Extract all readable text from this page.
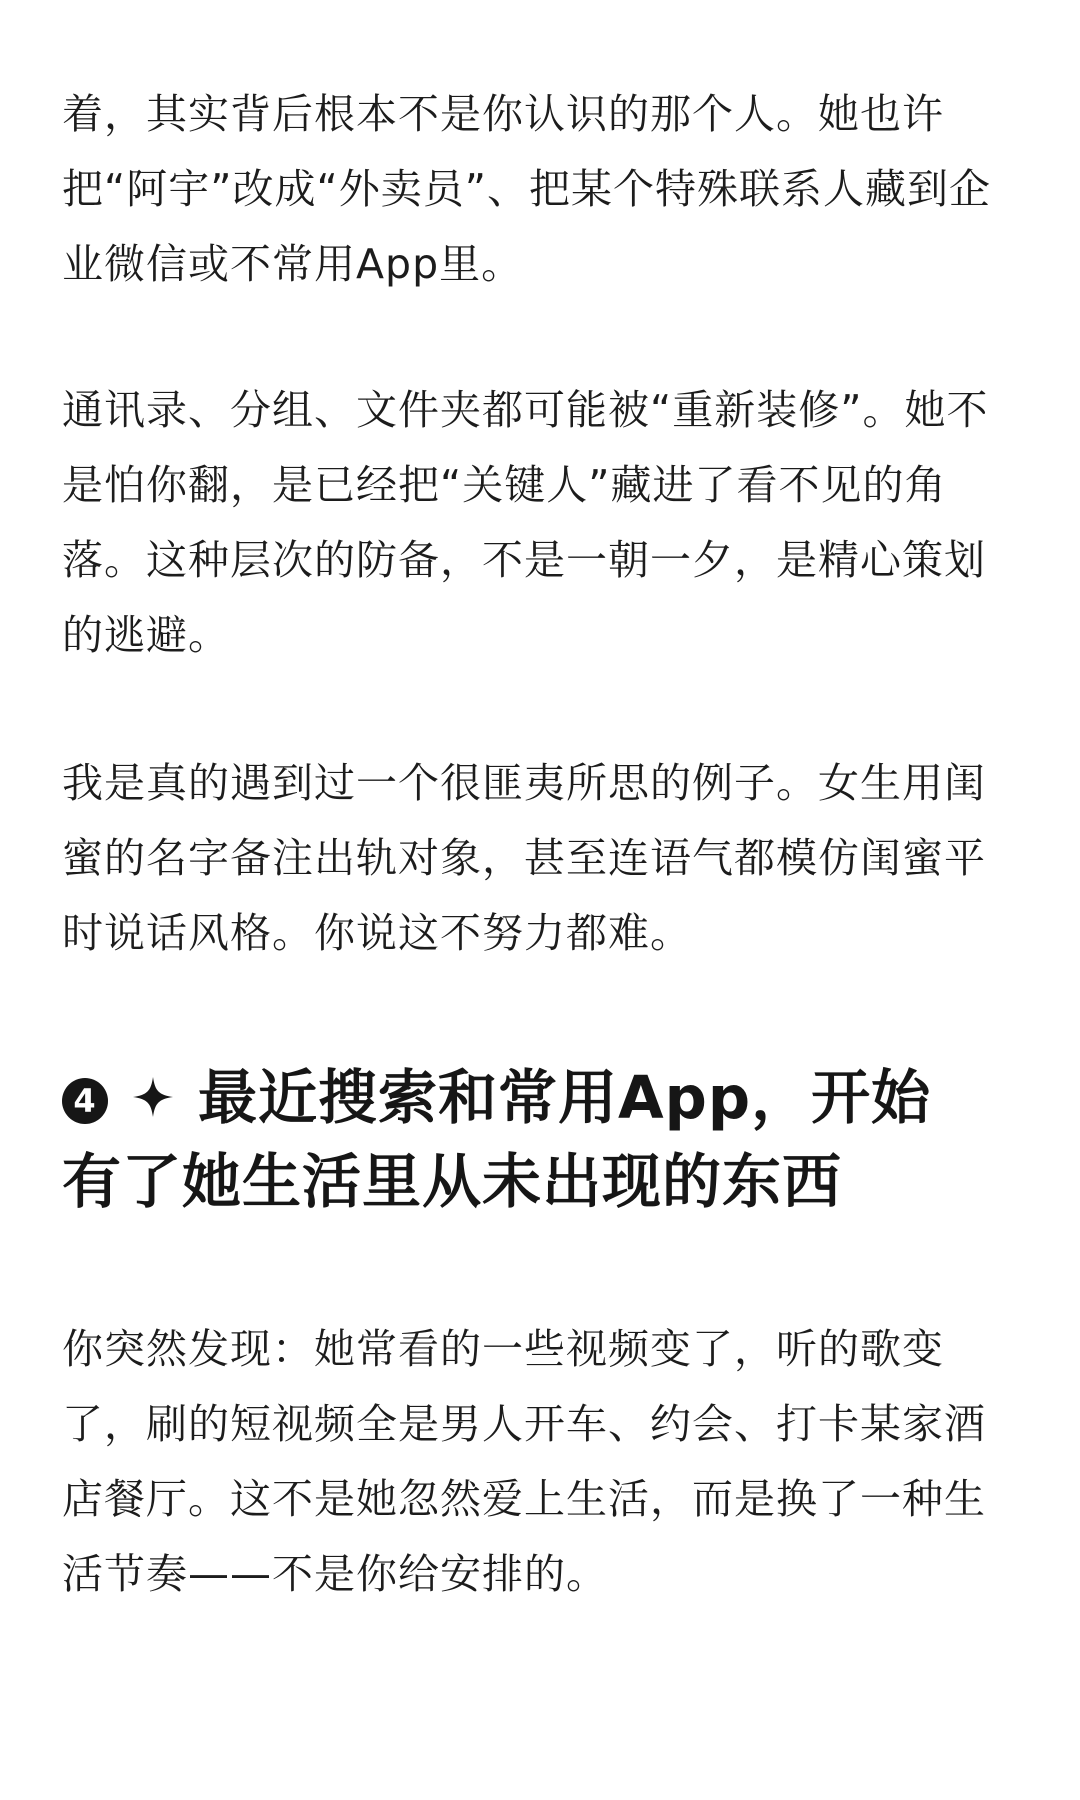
着，其实背后根本不是你认识的那个人。她也许
把“阿宇”改成“外卖员”、把某个特殊联系人藏到企
业微信或不常用App里。

通讯录、分组、文件夹都可能被“重新装修”。她不
是怕你翻，是已经把“关键人”藏进了看不见的角
落。这种层次的防备，不是一朝一夕，是精心策划
的逃避。

我是真的遇到过一个很匪夷所思的例子。女生用闺
蜜的名字备注出轨对象，甚至连语气都模仿闺蜜平
时说话风格。你说这不努力都难。

4 最近搜索和常用App，开始
有了她生活里从未出现的东西

你突然发现：她常看的一些视频变了，听的歌变
了，刷的短视频全是男人开车、约会、打卡某家酒
店餐厅。这不是她忽然爱上生活，而是换了一种生
活节奏——不是你给安排的。
